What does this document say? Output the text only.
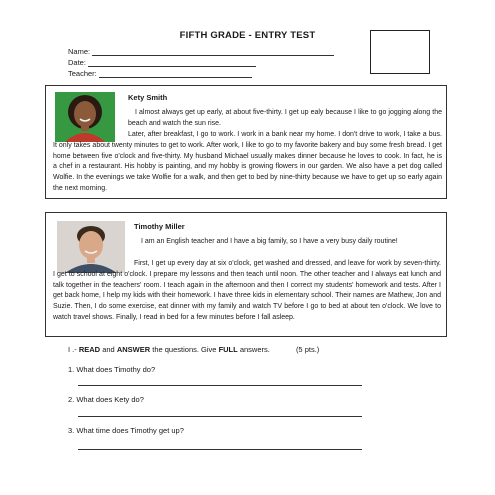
FIFTH GRADE - ENTRY TEST
Name:
Date:
Teacher:
Kety Smith

I almost always get up early, at about five-thirty. I get up ealy because I like to go jogging along the beach and watch the sun rise.

Later, after breakfast, I go to work. I work in a bank near my home. I don't drive to work, I take a bus. It only takes about twenty minutes to get to work. After work, I like to go to my favorite bakery and buy some fresh bread. I get home between five o'clock and five-thirty. My husband Michael usually makes dinner because he loves to cook. In fact, he is a chef in a restaurant. His hobby is painting, and my hobby is growing flowers in our garden. We also have a pet dog called Wolfie. In the evenings we take Wolfie for a walk, and then get to bed by nine-thirty because we have to get up so early again the next morning.

Timothy Miller

I am an English teacher and I have a big family, so I have a very busy daily routine!

First, I get up every day at six o'clock, get washed and dressed, and leave for work by seven-thirty. I get to school at eight o'clock. I prepare my lessons and then teach until noon. The other teacher and I always eat lunch and talk together in the teachers' room. I teach again in the afternoon and then I correct my students' homework and tests. After I get back home, I help my kids with their homework. I have three kids in elementary school. Their names are Mathew, Jon and Suzie. Then, I do some exercise, eat dinner with my family and watch TV before I go to bed at about ten o'clock. We love to watch travel shows. Finally, I read in bed for a few minutes before I fall asleep.

I .- READ and ANSWER the questions. Give FULL answers.	(5 pts.)
1. What does Timothy do?
2. What does Kety do?
3. What time does Timothy get up?
